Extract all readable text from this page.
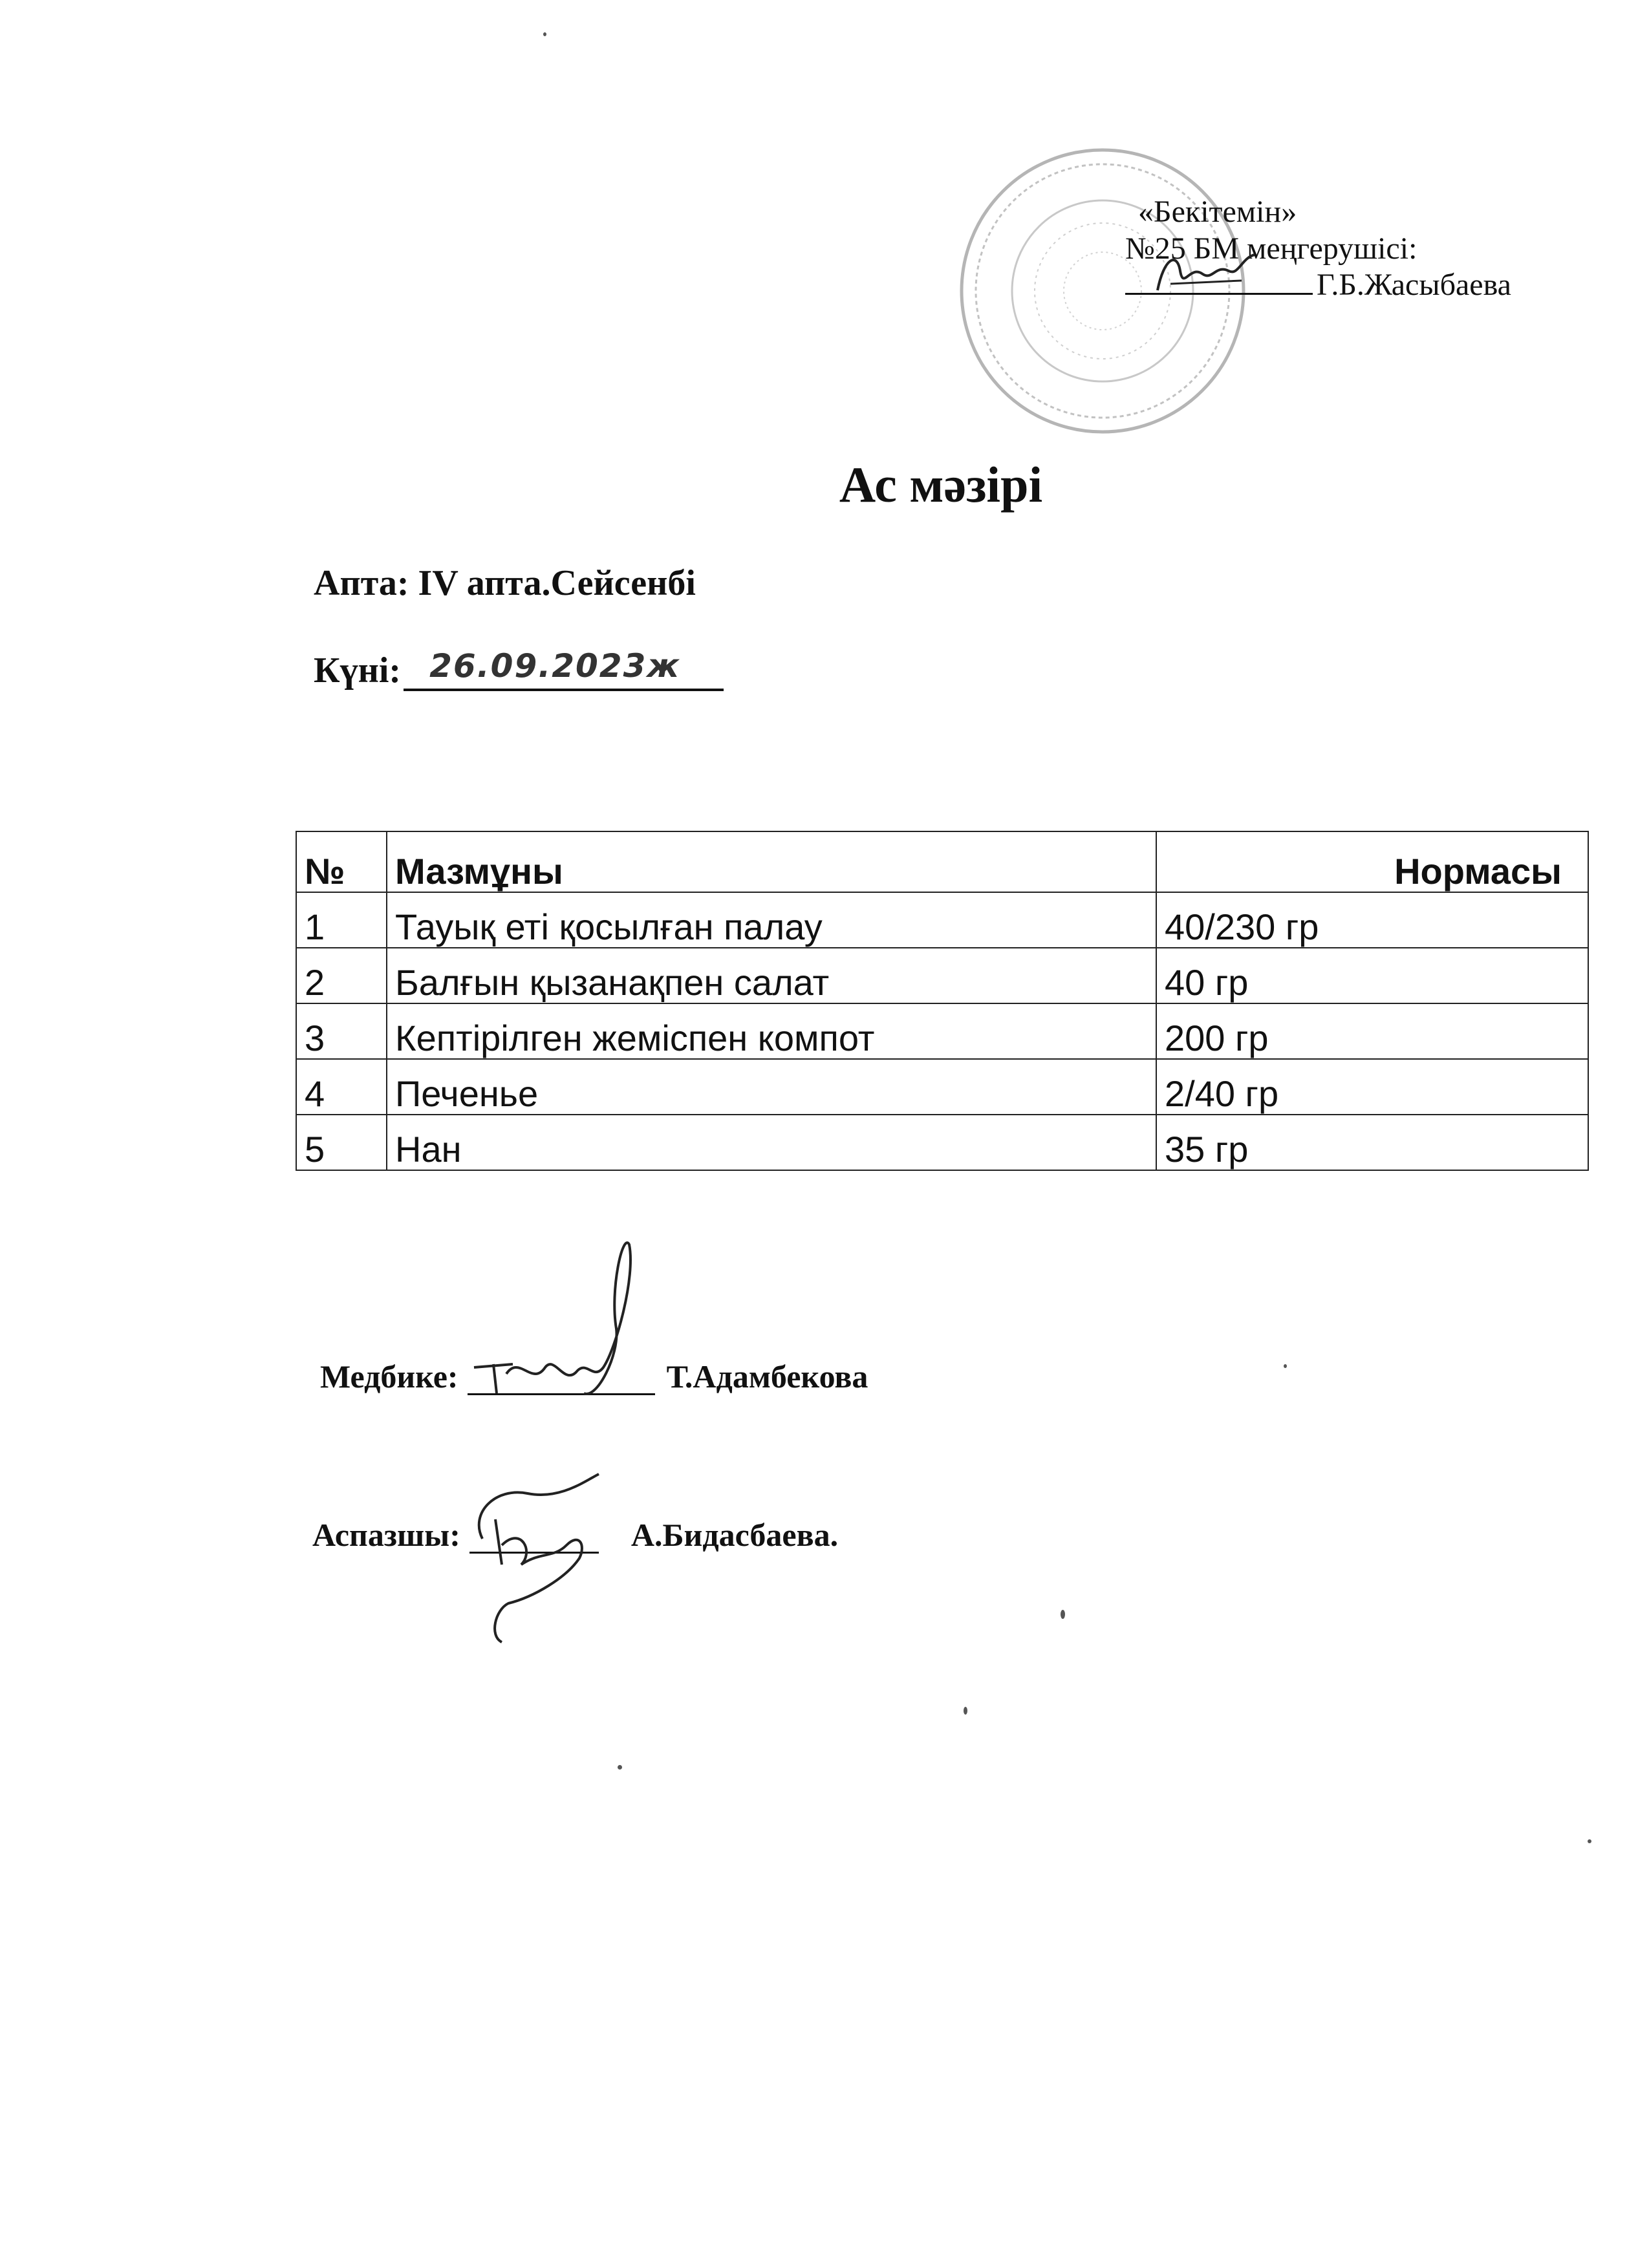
«Бекітемін»
№25 БМ меңгерушісі:
Г.Б.Жасыбаева
Ас мәзірі
Апта: IV апта.Сейсенбі
Күні: 26.09.2023ж
№	Мазмұны	Нормасы
1	Тауық еті қосылған палау	40/230 гр
2	Балғын қызанақпен салат	40 гр
3	Кептірілген жеміспен компот	200 гр
4	Печенье	2/40 гр
5	Нан	35 гр
Медбике:	Т.Адамбекова
Аспазшы:	А.Бидасбаева.
